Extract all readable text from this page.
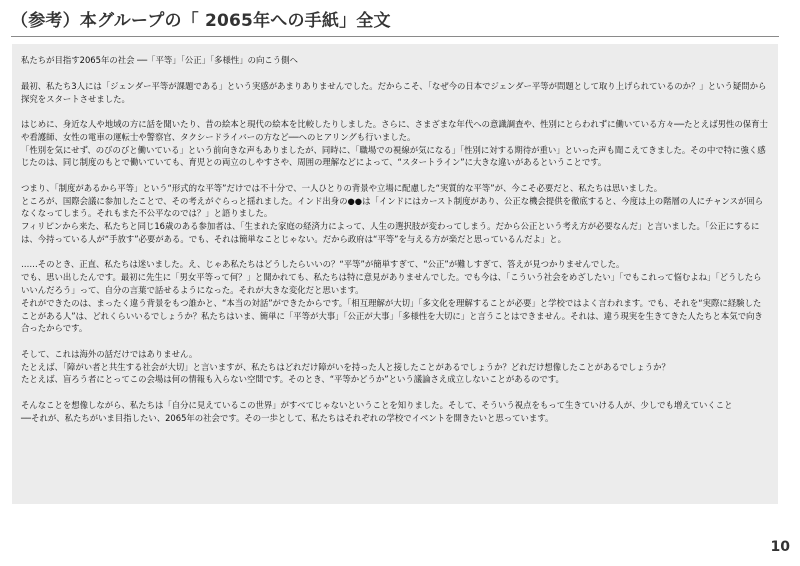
（参考）本グループの「 2065年への手紙」全文

私たちが目指す2065年の社会 ──「平等」「公正」「多様性」の向こう側へ

最初、私たち3人には「ジェンダー平等が課題である」という実感があまりありませんでした。だからこそ、「なぜ今の日本でジェンダー平等が問題として取り上げられているのか？」という疑問から探究をスタートさせました。

はじめに、身近な人や地域の方に話を聞いたり、昔の絵本と現代の絵本を比較したりしました。さらに、さまざまな年代への意識調査や、性別にとらわれずに働いている方々──たとえば男性の保育士や看護師、女性の電車の運転士や警察官、タクシードライバーの方など──へのヒアリングも行いました。
「性別を気にせず、のびのびと働いている」という前向きな声もありましたが、同時に、「職場での視線が気になる」「性別に対する期待が重い」といった声も聞こえてきました。その中で特に強く感じたのは、同じ制度のもとで働いていても、育児との両立のしやすさや、周囲の理解などによって、“スタートライン”に大きな違いがあるということです。

つまり、「制度があるから平等」という“形式的な平等”だけでは不十分で、一人ひとりの背景や立場に配慮した“実質的な平等”が、今こそ必要だと、私たちは思いました。
ところが、国際会議に参加したことで、その考えがぐらっと揺れました。インド出身の●●は「インドにはカースト制度があり、公正な機会提供を徹底すると、今度は上の階層の人にチャンスが回らなくなってしまう。それもまた不公平なのでは？」と語りました。
フィリピンから来た、私たちと同じ16歳のある参加者は、「生まれた家庭の経済力によって、人生の選択肢が変わってしまう。だから公正という考え方が必要なんだ」と言いました。「公正にするには、今持っている人が“手放す”必要がある。でも、それは簡単なことじゃない。だから政府は“平等”を与える方が楽だと思っているんだよ」と。

……そのとき、正直、私たちは迷いました。え、じゃあ私たちはどうしたらいいの？“平等”が簡単すぎて、“公正”が難しすぎて、答えが見つかりませんでした。
でも、思い出したんです。最初に先生に「男女平等って何？」と聞かれても、私たちは特に意見がありませんでした。でも今は、「こういう社会をめざしたい」「でもこれって悩むよね」「どうしたらいいんだろう」って、自分の言葉で話せるようになった。それが大きな変化だと思います。
それができたのは、まったく違う背景をもつ誰かと、“本当の対話”ができたからです。「相互理解が大切」「多文化を理解することが必要」と学校ではよく言われます。でも、それを“実際に経験したことがある人”は、どれくらいいるでしょうか？私たちはいま、簡単に「平等が大事」「公正が大事」「多様性を大切に」と言うことはできません。それは、違う現実を生きてきた人たちと本気で向き合ったからです。

そして、これは海外の話だけではありません。
たとえば、「障がい者と共生する社会が大切」と言いますが、私たちはどれだけ障がいを持った人と接したことがあるでしょうか？どれだけ想像したことがあるでしょうか？
たとえば、盲ろう者にとってこの会場は何の情報も入らない空間です。そのとき、“平等かどうか”という議論さえ成立しないことがあるのです。

そんなことを想像しながら、私たちは「自分に見えているこの世界」がすべてじゃないということを知りました。そして、そういう視点をもって生きていける人が、少しでも増えていくこと
──それが、私たちがいま目指したい、2065年の社会です。その一歩として、私たちはそれぞれの学校でイベントを開きたいと思っています。

10
